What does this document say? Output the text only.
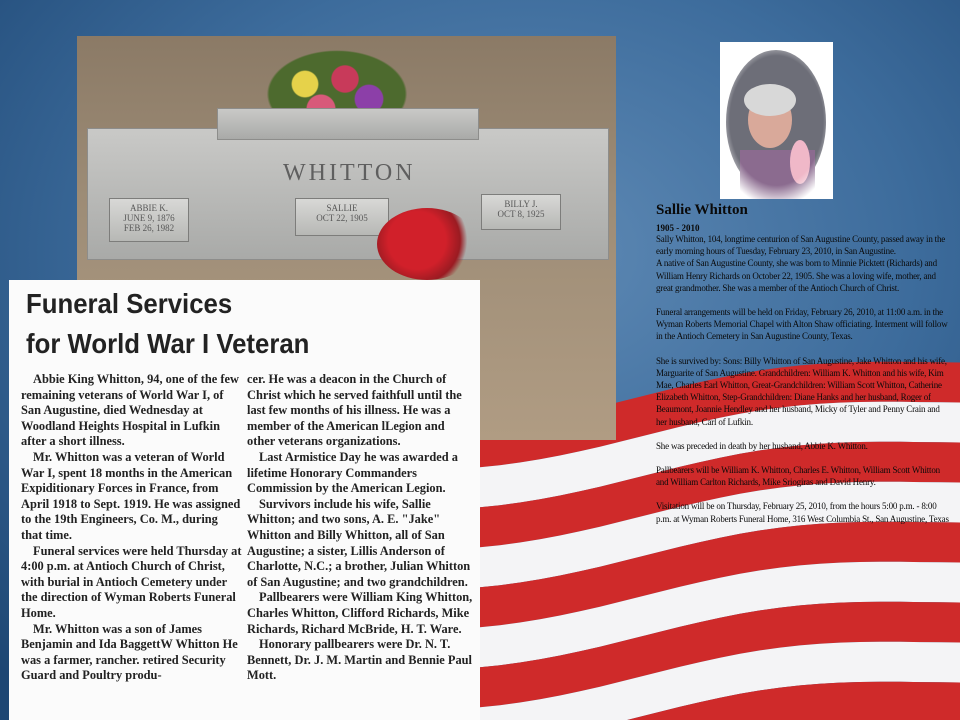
WHITTON
ABBIE K.
JUNE 9, 1876
FEB 26, 1982
SALLIE
OCT 22, 1905
BILLY J.
OCT 8, 1925	Sallie Whitton
1905 - 2010

Sally Whitton, 104, longtime centurion of San Augustine County, passed away in the early morning hours of Tuesday, February 23, 2010, in San Augustine.

A native of San Augustine County, she was born to Minnie Picktett (Richards) and William Henry Richards on October 22, 1905. She was a loving wife, mother, and great grandmother. She was a member of the Antioch Church of Christ.

Funeral arrangements will be held on Friday, February 26, 2010, at 11:00 a.m. in the Wyman Roberts Memorial Chapel with Alton Shaw officiating. Interment will follow in the Antioch Cemetery in San Augustine County, Texas.

She is survived by: Sons: Billy Whitton of San Augustine, Jake Whitton and his wife, Marguarite of San Augustine. Grandchildren: William K. Whitton and his wife, Kim Mae, Charles Earl Whitton, Great-Grandchildren: William Scott Whitton, Catherine Elizabeth Whitton, Step-Grandchildren: Diane Hanks and her husband, Roger of Beaumont, Joannie Hendley and her husband, Micky of Tyler and Penny Crain and her husband, Carl of Lufkin.

She was preceded in death by her husband, Abbie K. Whitton.

Pallbearers will be William K. Whitton, Charles E. Whitton, William Scott Whitton and William Carlton Richards, Mike Sriogiras and David Henry.

Visitation will be on Thursday, February 25, 2010, from the hours 5:00 p.m. - 8:00 p.m. at Wyman Roberts Funeral Home, 316 West Columbia St., San Augustine, Texas

Funeral Services
for World War I Veteran

Abbie King Whitton, 94, one of the few remaining veterans of World War I, of San Augustine, died Wednesday at Woodland Heights Hospital in Lufkin after a short illness.

Mr. Whitton was a veteran of World War I, spent 18 months in the American Expiditionary Forces in France, from April 1918 to Sept. 1919. He was assigned to the 19th Engineers, Co. M., during that time.

Funeral services were held Thursday at 4:00 p.m. at Antioch Church of Christ, with burial in Antioch Cemetery under the direction of Wyman Roberts Funeral Home.

Mr. Whitton was a son of James Benjamin and Ida BaggettW Whitton He was a farmer, rancher. retired Security Guard and Poultry produ-

cer. He was a deacon in the Church of Christ which he served faithfull until the last few months of his illness. He was a member of the American lLegion and other veterans organizations.

Last Armistice Day he was awarded a lifetime Honorary Commanders Commission by the American Legion.

Survivors include his wife, Sallie Whitton; and two sons, A. E. "Jake" Whitton and Billy Whitton, all of San Augustine; a sister, Lillis Anderson of Charlotte, N.C.; a brother, Julian Whitton of San Augustine; and two grandchildren.

Pallbearers were William King Whitton, Charles Whitton, Clifford Richards, Mike Richards, Richard McBride, H. T. Ware.

Honorary pallbearers were Dr. N. T. Bennett, Dr. J. M. Martin and Bennie Paul Mott.
